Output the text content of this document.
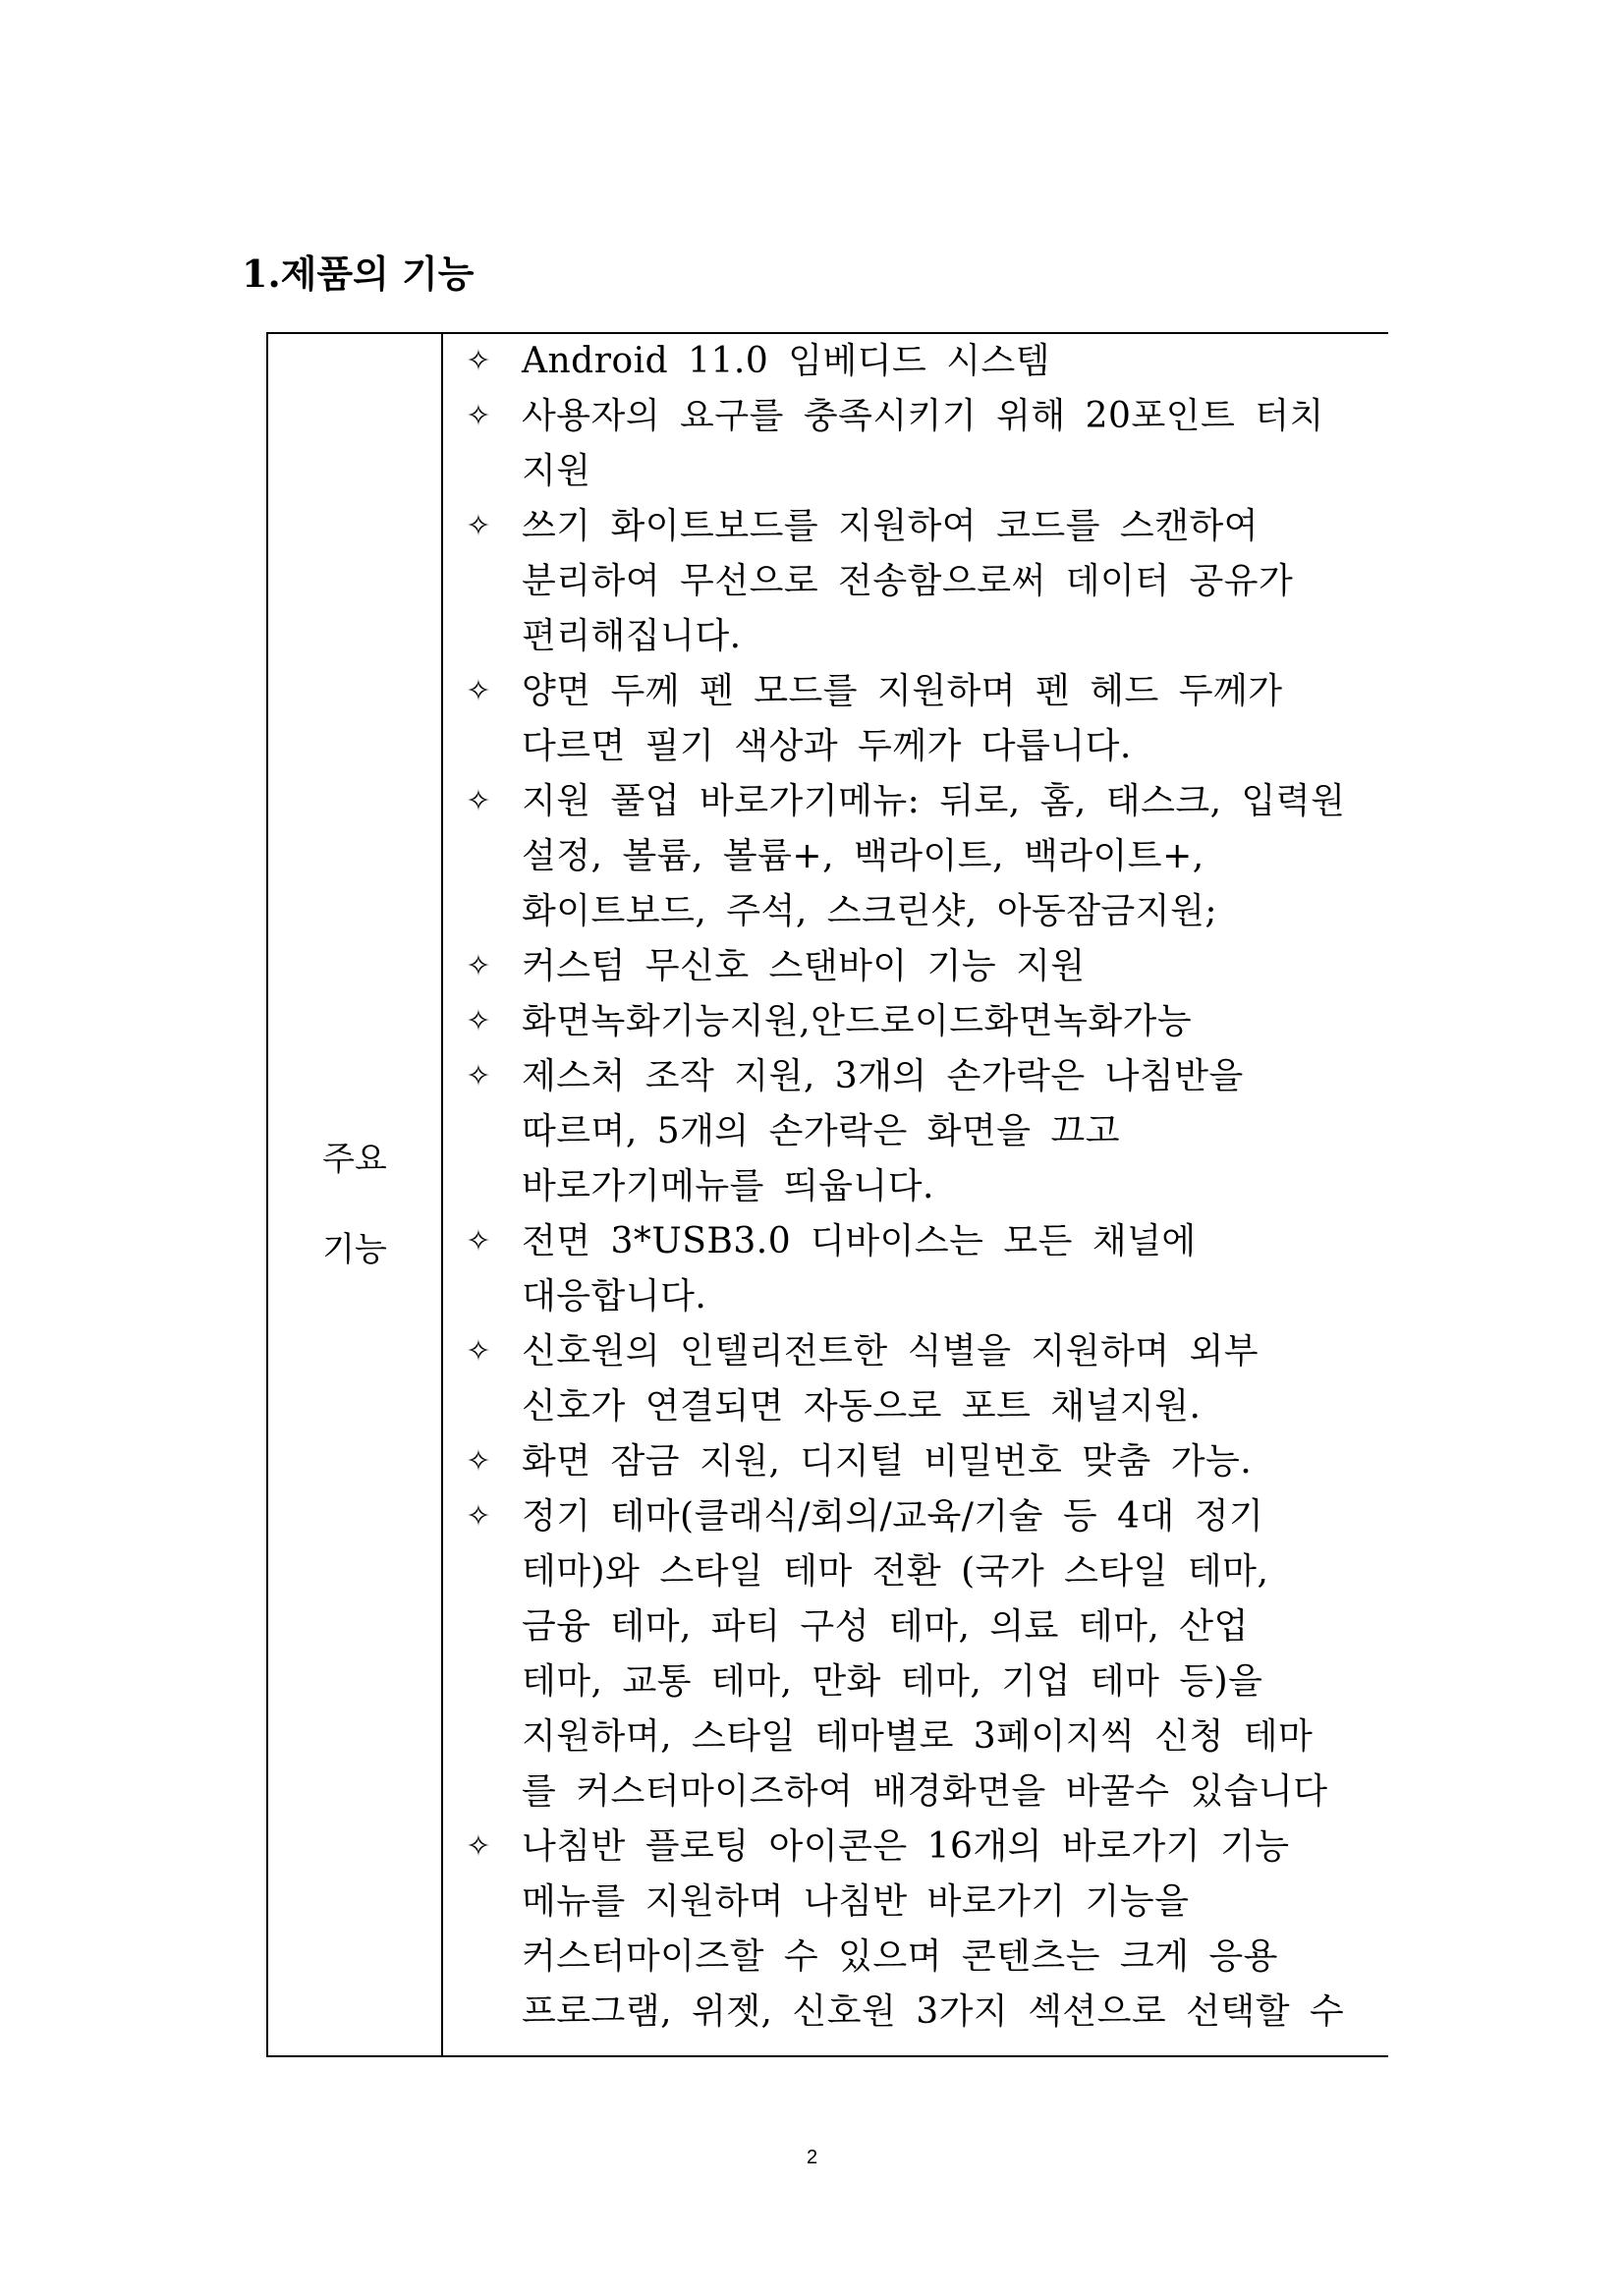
1.제품의 기능
주요
기능
✧ Android 11.0 임베디드 시스템
✧ 사용자의 요구를 충족시키기 위해 20포인트 터치
지원
✧ 쓰기 화이트보드를 지원하여 코드를 스캔하여
분리하여 무선으로 전송함으로써 데이터 공유가
편리해집니다.
✧ 양면 두께 펜 모드를 지원하며 펜 헤드 두께가
다르면 필기 색상과 두께가 다릅니다.
✧ 지원 풀업 바로가기메뉴: 뒤로, 홈, 태스크, 입력원
설정, 볼륨, 볼륨+, 백라이트, 백라이트+,
화이트보드, 주석, 스크린샷, 아동잠금지원;
✧ 커스텀 무신호 스탠바이 기능 지원
✧ 화면녹화기능지원,안드로이드화면녹화가능
✧ 제스처 조작 지원, 3개의 손가락은 나침반을
따르며, 5개의 손가락은 화면을 끄고
바로가기메뉴를 띄웁니다.
✧ 전면 3*USB3.0 디바이스는 모든 채널에
대응합니다.
✧ 신호원의 인텔리전트한 식별을 지원하며 외부
신호가 연결되면 자동으로 포트 채널지원.
✧ 화면 잠금 지원, 디지털 비밀번호 맞춤 가능.
✧ 정기 테마(클래식/회의/교육/기술 등 4대 정기
테마)와 스타일 테마 전환 (국가 스타일 테마,
금융 테마, 파티 구성 테마, 의료 테마, 산업
테마, 교통 테마, 만화 테마, 기업 테마 등)을
지원하며, 스타일 테마별로 3페이지씩 신청 테마
를 커스터마이즈하여 배경화면을 바꿀수 있습니다
✧ 나침반 플로팅 아이콘은 16개의 바로가기 기능
메뉴를 지원하며 나침반 바로가기 기능을
커스터마이즈할 수 있으며 콘텐츠는 크게 응용
프로그램, 위젯, 신호원 3가지 섹션으로 선택할 수
2
